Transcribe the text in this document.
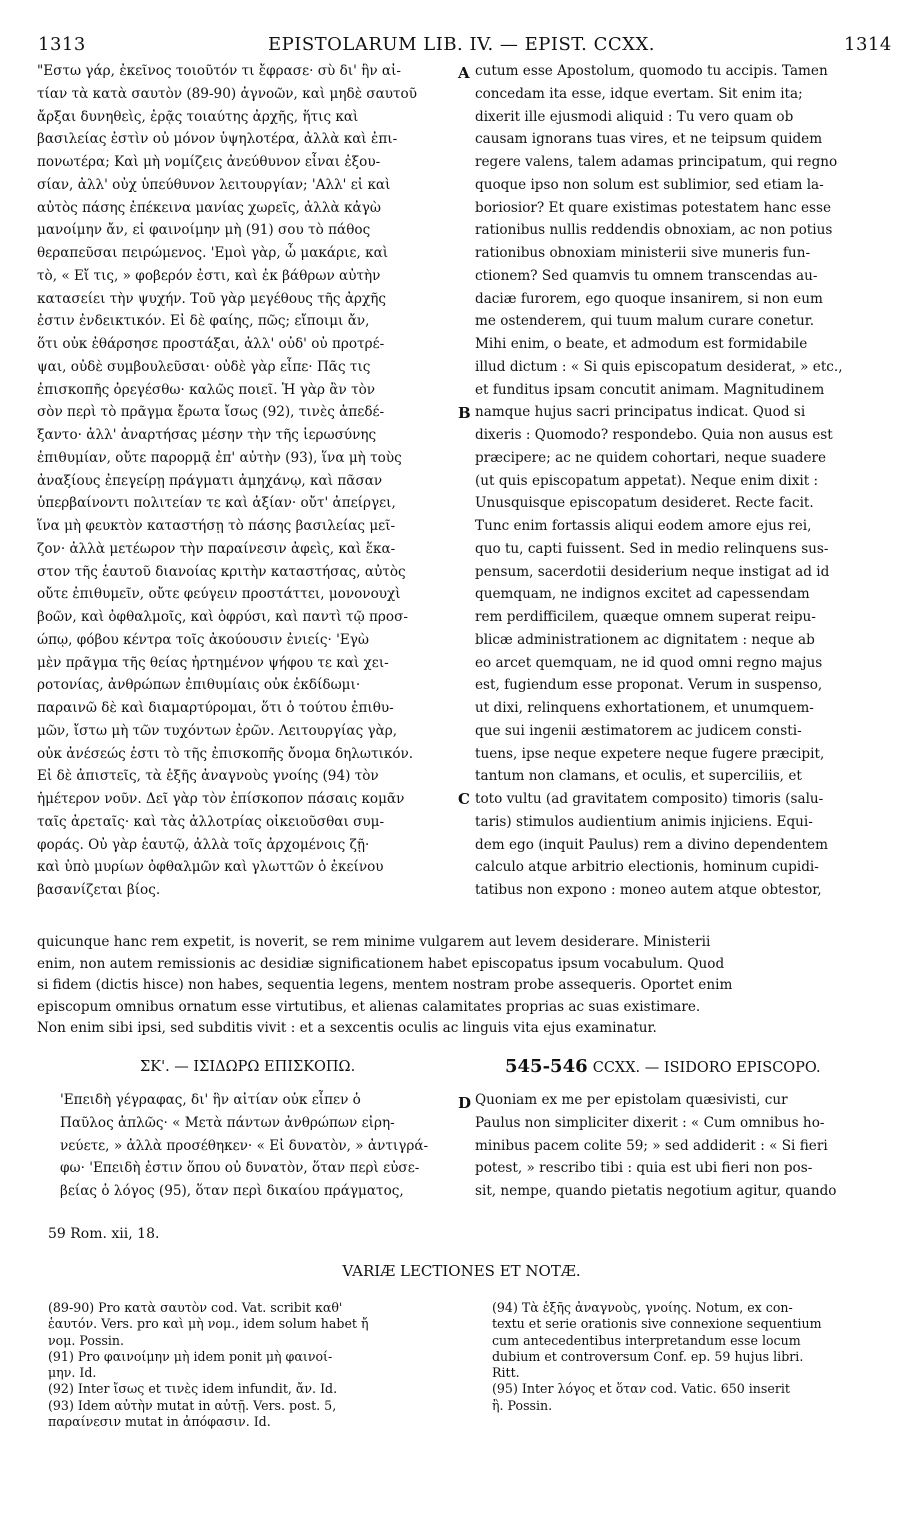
1313	EPISTOLARUM LIB. IV. — EPIST. CCXX.	1314
"Εστω γάρ, ἐκεῖνος τοιοῦτόν τι ἔφρασε· σὺ δι' ἣν αἰ-
τίαν τὰ κατὰ σαυτὸν (89-90) ἀγνοῶν, καὶ μηδὲ σαυτοῦ
ἄρξαι δυνηθεὶς, ἐρᾷς τοιαύτης ἀρχῆς, ἥτις καὶ
βασιλείας ἐστὶν οὐ μόνον ὑψηλοτέρα, ἀλλὰ καὶ ἐπι-
πονωτέρα; Καὶ μὴ νομίζεις ἀνεύθυνον εἶναι ἐξου-
σίαν, ἀλλ' οὐχ ὑπεύθυνον λειτουργίαν; 'Αλλ' εἰ καὶ
αὐτὸς πάσης ἐπέκεινα μανίας χωρεῖς, ἀλλὰ κἀγὼ
μανοίμην ἄν, εἰ φαινοίμην μὴ (91) σου τὸ πάθος
θεραπεῦσαι πειρώμενος. 'Εμοὶ γὰρ, ὦ μακάριε, καὶ
τὸ, « Εἴ τις, » φοβερόν ἐστι, καὶ ἐκ βάθρων αὐτὴν
κατασείει τὴν ψυχήν. Τοῦ γὰρ μεγέθους τῆς ἀρχῆς
ἐστιν ἐνδεικτικόν. Εἰ δὲ φαίης, πῶς; εἴποιμι ἄν,
ὅτι οὐκ ἐθάρσησε προστάξαι, ἀλλ' οὐδ' οὐ προτρέ-
ψαι, οὐδὲ συμβουλεῦσαι· οὐδὲ γὰρ εἶπε· Πᾶς τις
ἐπισκοπῆς ὀρεγέσθω· καλῶς ποιεῖ. Ἡ γὰρ ἂν τὸν
σὸν περὶ τὸ πρᾶγμα ἔρωτα ἴσως (92), τινὲς ἀπεδέ-
ξαντο· ἀλλ' ἀναρτήσας μέσην τὴν τῆς ἱερωσύνης
ἐπιθυμίαν, οὔτε παρορμᾷ ἐπ' αὐτὴν (93), ἵνα μὴ τοὺς
ἀναξίους ἐπεγείρῃ πράγματι ἀμηχάνῳ, καὶ πᾶσαν
ὑπερβαίνοντι πολιτείαν τε καὶ ἀξίαν· οὔτ' ἀπείργει,
ἵνα μὴ φευκτὸν καταστήσῃ τὸ πάσης βασιλείας μεῖ-
ζον· ἀλλὰ μετέωρον τὴν παραίνεσιν ἀφεὶς, καὶ ἕκα-
στον τῆς ἑαυτοῦ διανοίας κριτὴν καταστήσας, αὐτὸς
οὔτε ἐπιθυμεῖν, οὔτε φεύγειν προστάττει, μονονουχὶ
βοῶν, καὶ ὀφθαλμοῖς, καὶ ὀφρύσι, καὶ παντὶ τῷ προσ-
ώπῳ, φόβου κέντρα τοῖς ἀκούουσιν ἐνιείς· 'Εγὼ
μὲν πρᾶγμα τῆς θείας ἠρτημένον ψήφου τε καὶ χει-
ροτονίας, ἀνθρώπων ἐπιθυμίαις οὐκ ἐκδίδωμι·
παραινῶ δὲ καὶ διαμαρτύρομαι, ὅτι ὁ τούτου ἐπιθυ-
μῶν, ἴστω μὴ τῶν τυχόντων ἐρῶν. Λειτουργίας γὰρ,
οὐκ ἀνέσεώς ἐστι τὸ τῆς ἐπισκοπῆς ὄνομα δηλωτικόν.
Εἰ δὲ ἀπιστεῖς, τὰ ἑξῆς ἀναγνοὺς γνοίης (94) τὸν
ἡμέτερον νοῦν. Δεῖ γὰρ τὸν ἐπίσκοπον πάσαις κομᾶν
ταῖς ἀρεταῖς· καὶ τὰς ἀλλοτρίας οἰκειοῦσθαι συμ-
φοράς. Οὐ γὰρ ἑαυτῷ, ἀλλὰ τοῖς ἀρχομένοις ζῇ·
καὶ ὑπὸ μυρίων ὀφθαλμῶν καὶ γλωττῶν ὁ ἐκείνου
βασανίζεται βίος.
cutum esse Apostolum, quomodo tu accipis. Tamen
concedam ita esse, idque evertam. Sit enim ita;
dixerit ille ejusmodi aliquid : Tu vero quam ob
causam ignorans tuas vires, et ne teipsum quidem
regere valens, talem adamas principatum, qui regno
quoque ipso non solum est sublimior, sed etiam la-
boriosior? Et quare existimas potestatem hanc esse
rationibus nullis reddendis obnoxiam, ac non potius
rationibus obnoxiam ministerii sive muneris fun-
ctionem? Sed quamvis tu omnem transcendas au-
daciæ furorem, ego quoque insanirem, si non eum
me ostenderem, qui tuum malum curare conetur.
Mihi enim, o beate, et admodum est formidabile
illud dictum : « Si quis episcopatum desiderat, » etc.,
et funditus ipsam concutit animam. Magnitudinem
namque hujus sacri principatus indicat. Quod si
dixeris : Quomodo? respondebo. Quia non ausus est
præcipere; ac ne quidem cohortari, neque suadere
(ut quis episcopatum appetat). Neque enim dixit :
Unusquisque episcopatum desideret. Recte facit.
Tunc enim fortassis aliqui eodem amore ejus rei,
quo tu, capti fuissent. Sed in medio relinquens sus-
pensum, sacerdotii desiderium neque instigat ad id
quemquam, ne indignos excitet ad capessendam
rem perdifficilem, quæque omnem superat reipu-
blicæ administrationem ac dignitatem : neque ab
eo arcet quemquam, ne id quod omni regno majus
est, fugiendum esse proponat. Verum in suspenso,
ut dixi, relinquens exhortationem, et unumquem-
que sui ingenii æstimatorem ac judicem consti-
tuens, ipse neque expetere neque fugere præcipit,
tantum non clamans, et oculis, et superciliis, et
toto vultu (ad gravitatem composito) timoris (salu-
taris) stimulos audientium animis injiciens. Equi-
dem ego (inquit Paulus) rem a divino dependentem
calculo atque arbitrio electionis, hominum cupidi-
tatibus non expono : moneo autem atque obtestor,
A
B
C
D
quicunque hanc rem expetit, is noverit, se rem minime vulgarem aut levem desiderare. Ministerii
enim, non autem remissionis ac desidiæ significationem habet episcopatus ipsum vocabulum. Quod
si fidem (dictis hisce) non habes, sequentia legens, mentem nostram probe assequeris. Oportet enim
episcopum omnibus ornatum esse virtutibus, et alienas calamitates proprias ac suas existimare.
Non enim sibi ipsi, sed subditis vivit : et a sexcentis oculis ac linguis vita ejus examinatur.
ΣΚ'. — ΙΣΙΔΩΡΩ ΕΠΙΣΚΟΠΩ.	545-546 CCXX. — ISIDORO EPISCOPO.
'Επειδὴ γέγραφας, δι' ἣν αἰτίαν οὐκ εἶπεν ὁ
Παῦλος ἁπλῶς· « Μετὰ πάντων ἀνθρώπων εἰρη-
νεύετε, » ἀλλὰ προσέθηκεν· « Εἰ δυνατὸν, » ἀντιγρά-
φω· 'Επειδὴ ἐστιν ὅπου οὐ δυνατὸν, ὅταν περὶ εὐσε-
βείας ὁ λόγος (95), ὅταν περὶ δικαίου πράγματος,
Quoniam ex me per epistolam quæsivisti, cur
Paulus non simpliciter dixerit : « Cum omnibus ho-
minibus pacem colite 59; » sed addiderit : « Si fieri
potest, » rescribo tibi : quia est ubi fieri non pos-
sit, nempe, quando pietatis negotium agitur, quando
59 Rom. xii, 18.
VARIÆ LECTIONES ET NOTÆ.
(89-90) Pro κατὰ σαυτὸν cod. Vat. scribit καθ'
ἑαυτόν. Vers. pro καὶ μὴ νομ., idem solum habet ἤ
νομ. Possin.
(91) Pro φαινοίμην μὴ idem ponit μὴ φαινοί-
μην. Id.
(92) Inter ἴσως et τινὲς idem infundit, ἄν. Id.
(93) Idem αὐτὴν mutat in αὐτῇ. Vers. post. 5,
παραίνεσιν mutat in ἀπόφασιν. Id.
(94) Τὰ ἑξῆς ἀναγνοὺς, γνοίης. Notum, ex con-
textu et serie orationis sive connexione sequentium
cum antecedentibus interpretandum esse locum
dubium et controversum Conf. ep. 59 hujus libri.
Ritt.
(95) Inter λόγος et ὅταν cod. Vatic. 650 inserit
ἢ. Possin.
